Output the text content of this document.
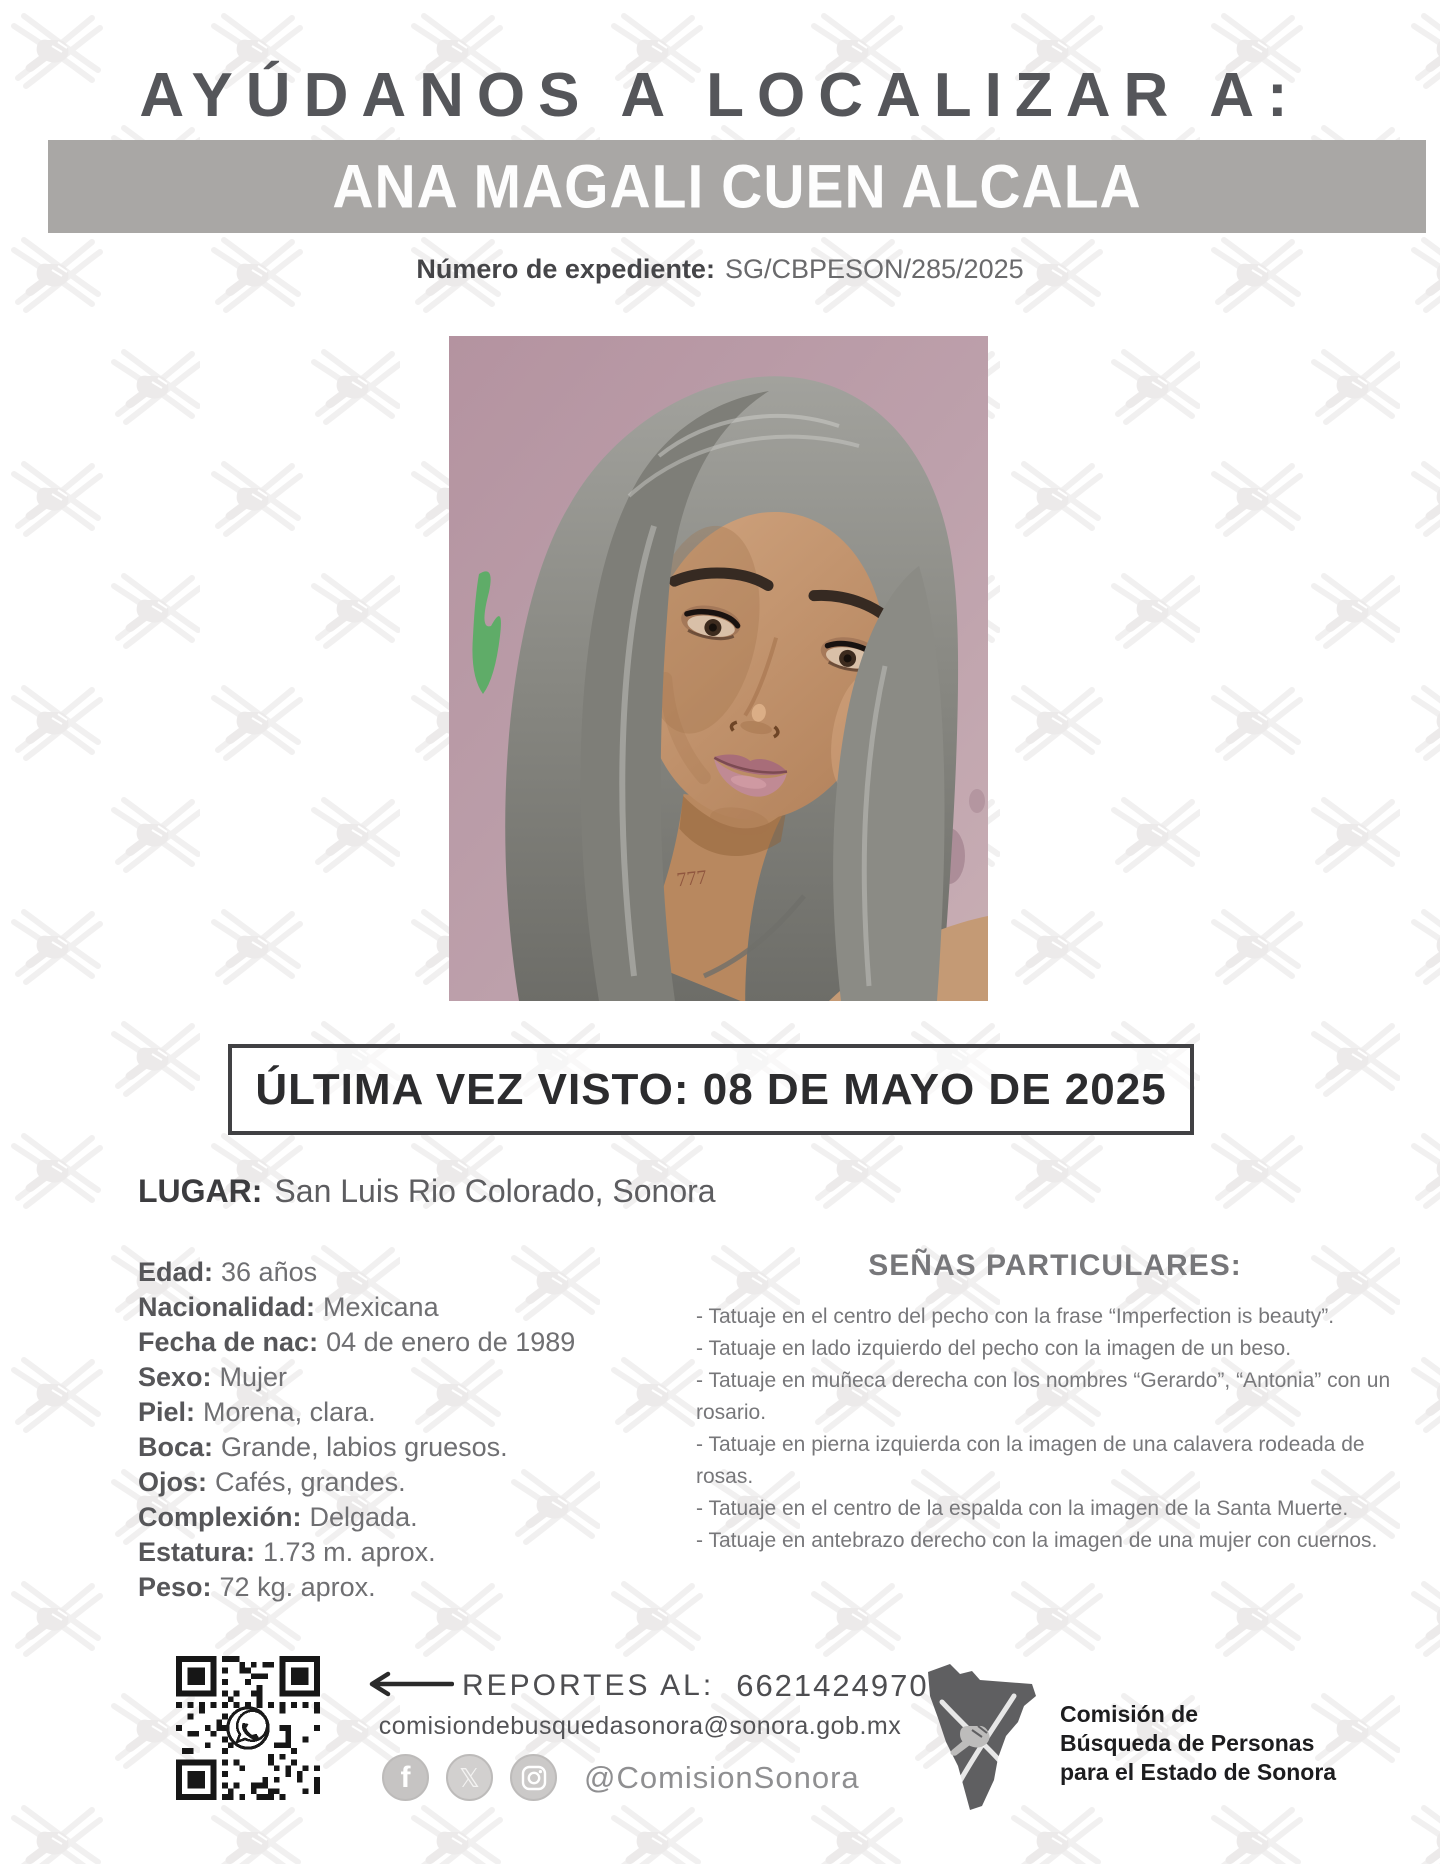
AYÚDANOS A LOCALIZAR A:
ANA MAGALI CUEN ALCALA
Número de expediente: SG/CBPESON/285/2025
777
ÚLTIMA VEZ VISTO: 08 DE MAYO DE 2025
LUGAR: San Luis Rio Colorado, Sonora
Edad: 36 años
Nacionalidad: Mexicana
Fecha de nac: 04 de enero de 1989
Sexo: Mujer
Piel: Morena, clara.
Boca: Grande, labios gruesos.
Ojos: Cafés, grandes.
Complexión: Delgada.
Estatura: 1.73 m. aprox.
Peso: 72 kg. aprox.
SEÑAS PARTICULARES:
- Tatuaje en el centro del pecho con la frase “Imperfection is beauty”.
- Tatuaje en lado izquierdo del pecho con la imagen de un beso.
- Tatuaje en muñeca derecha con los nombres “Gerardo”, “Antonia” con un rosario.
- Tatuaje en pierna izquierda con la imagen de una calavera rodeada de rosas.
- Tatuaje en el centro de la espalda con la imagen de la Santa Muerte.
- Tatuaje en antebrazo derecho con la imagen de una mujer con cuernos.
REPORTES AL: 6621424970
comisiondebusquedasonora@sonora.gob.mx
f 𝕏	@ComisionSonora
Comisión de
Búsqueda de Personas
para el Estado de Sonora
